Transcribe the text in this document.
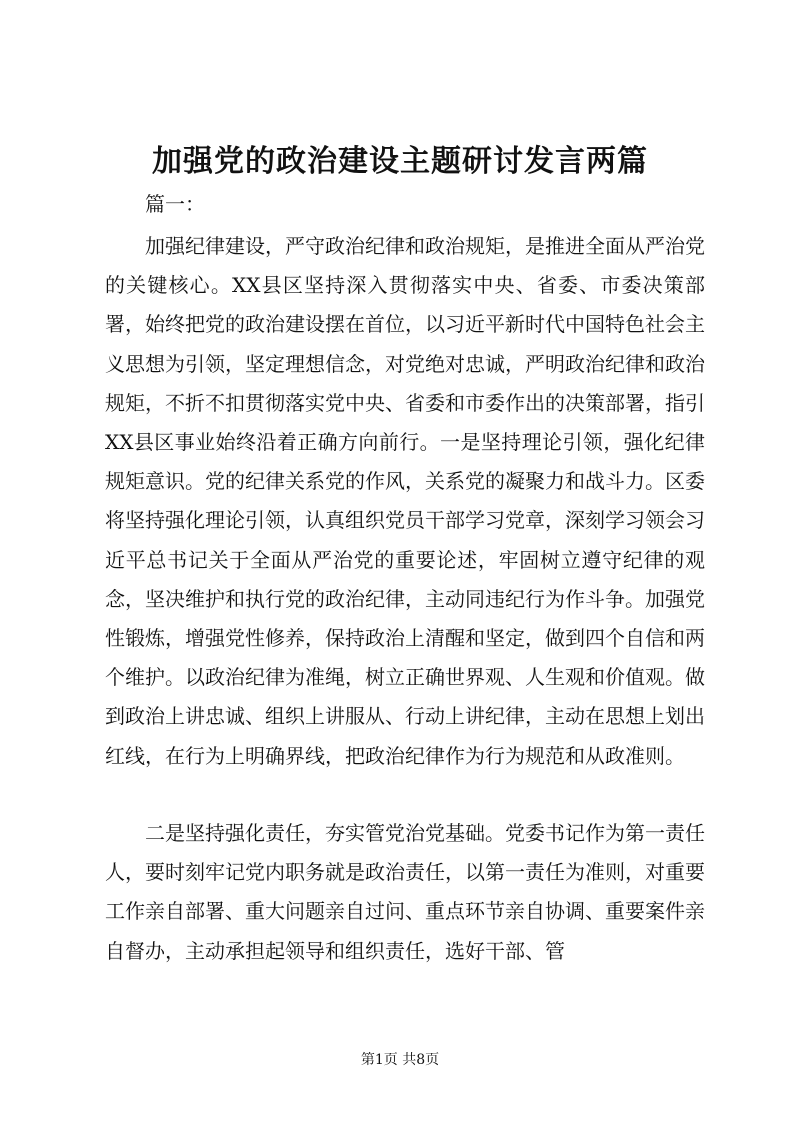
加强党的政治建设主题研讨发言两篇

篇一：

加强纪律建设，严守政治纪律和政治规矩，是推进全面从严治党的关键核心。XX县区坚持深入贯彻落实中央、省委、市委决策部署，始终把党的政治建设摆在首位，以习近平新时代中国特色社会主义思想为引领，坚定理想信念，对党绝对忠诚，严明政治纪律和政治规矩，不折不扣贯彻落实党中央、省委和市委作出的决策部署，指引XX县区事业始终沿着正确方向前行。一是坚持理论引领，强化纪律规矩意识。党的纪律关系党的作风，关系党的凝聚力和战斗力。区委将坚持强化理论引领，认真组织党员干部学习党章，深刻学习领会习近平总书记关于全面从严治党的重要论述，牢固树立遵守纪律的观念，坚决维护和执行党的政治纪律，主动同违纪行为作斗争。加强党性锻炼，增强党性修养，保持政治上清醒和坚定，做到四个自信和两个维护。以政治纪律为准绳，树立正确世界观、人生观和价值观。做到政治上讲忠诚、组织上讲服从、行动上讲纪律，主动在思想上划出红线，在行为上明确界线，把政治纪律作为行为规范和从政准则。

二是坚持强化责任，夯实管党治党基础。党委书记作为第一责任人，要时刻牢记党内职务就是政治责任，以第一责任为准则，对重要工作亲自部署、重大问题亲自过问、重点环节亲自协调、重要案件亲自督办，主动承担起领导和组织责任，选好干部、管

第1页 共8页
